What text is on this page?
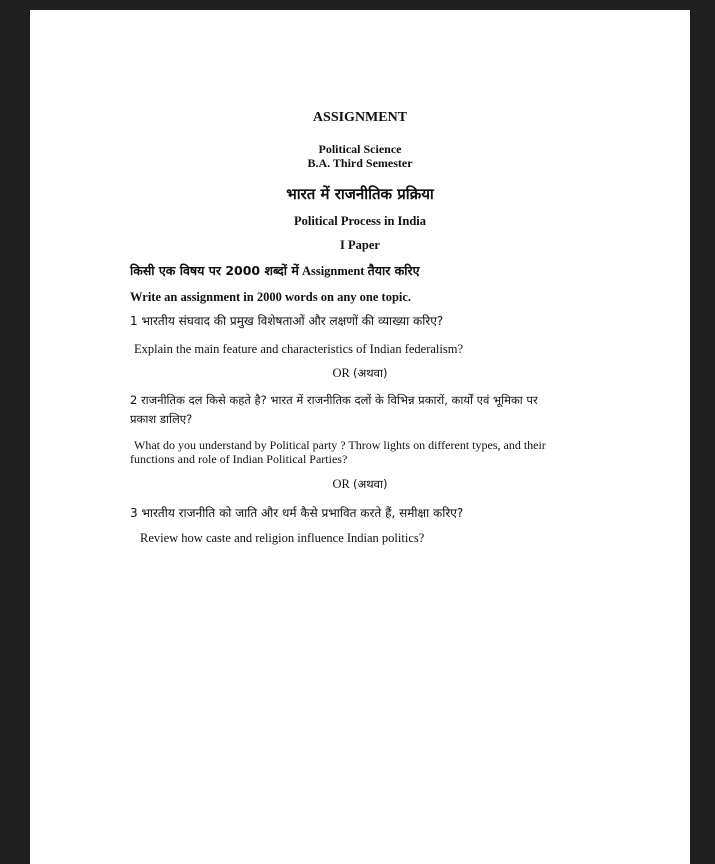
ASSIGNMENT
Political Science
B.A. Third Semester
भारत में राजनीतिक प्रक्रिया
Political Process in India
I Paper
किसी एक विषय पर 2000 शब्दों में Assignment तैयार करिए
Write an assignment in 2000 words on any one topic.
1 भारतीय संघवाद की प्रमुख विशेषताओं और लक्षणों की व्याख्या करिए?
Explain the main feature and characteristics of Indian federalism?
OR (अथवा)
2 राजनीतिक दल किसे कहते है? भारत में राजनीतिक दलों के विभिन्न प्रकारों, कार्यों एवं भूमिका पर
प्रकाश डालिए?
What do you understand by Political party ? Throw lights on different types, and their
functions and role of Indian Political Parties?
OR (अथवा)
3 भारतीय राजनीति को जाति और धर्म कैसे प्रभावित करते हैं, समीक्षा करिए?
Review how caste and religion influence Indian politics?
